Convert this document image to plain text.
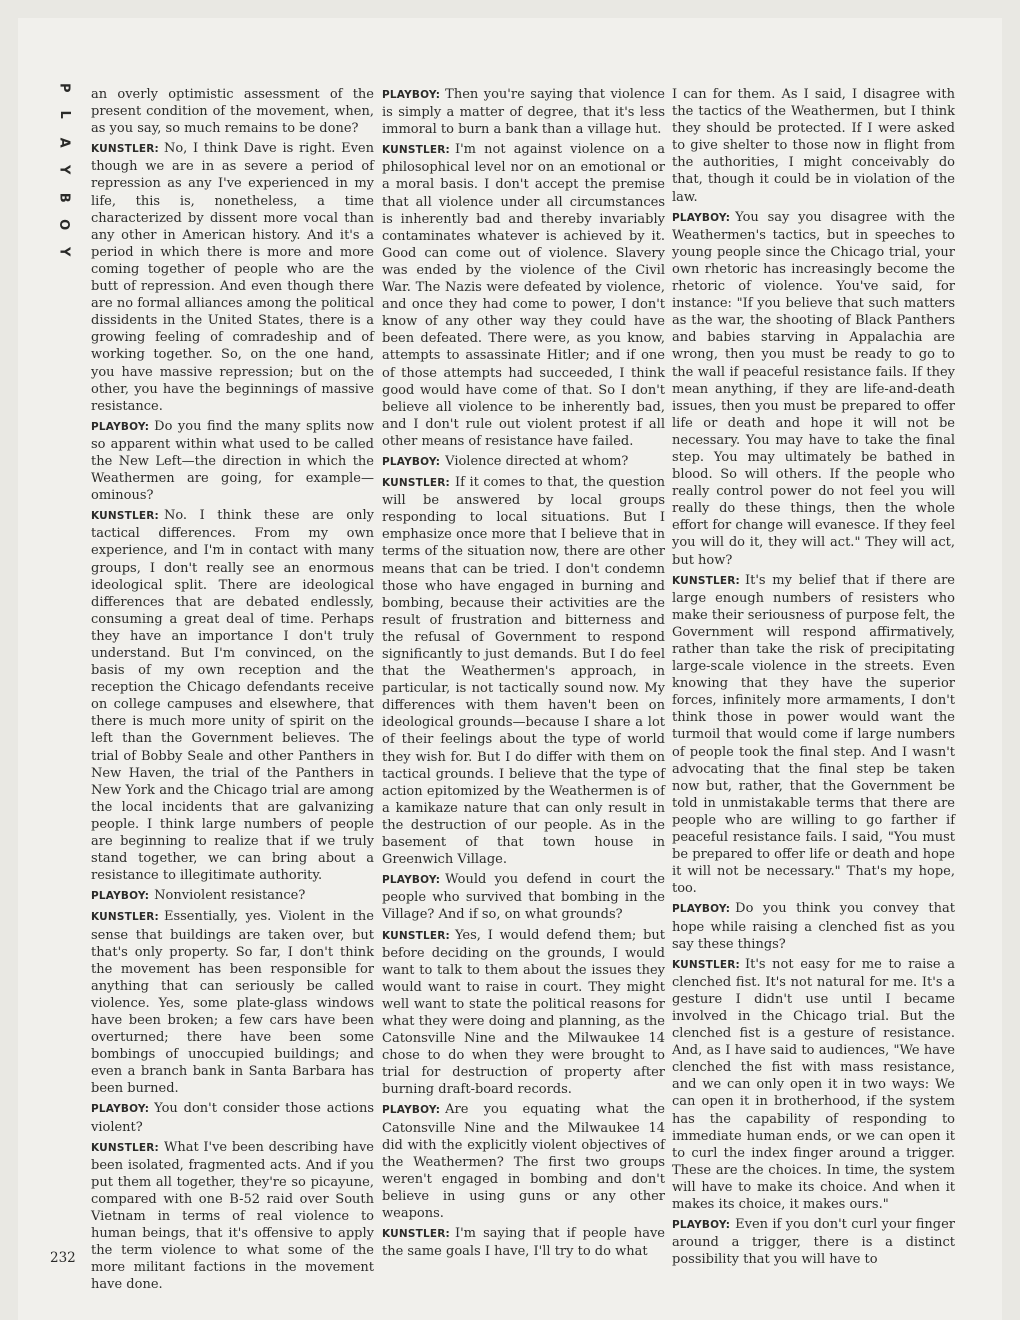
P
L
A
Y
B
O
Y

an overly optimistic assessment of the present condition of the movement, when, as you say, so much remains to be done?

KUNSTLER: No, I think Dave is right. Even though we are in as severe a period of repression as any I've experienced in my life, this is, nonetheless, a time characterized by dissent more vocal than any other in American history. And it's a period in which there is more and more coming together of people who are the butt of repression. And even though there are no formal alliances among the political dissidents in the United States, there is a growing feeling of comradeship and of working together. So, on the one hand, you have massive repression; but on the other, you have the beginnings of massive resistance.

PLAYBOY: Do you find the many splits now so apparent within what used to be called the New Left—the direction in which the Weathermen are going, for example—ominous?

KUNSTLER: No. I think these are only tactical differences. From my own experience, and I'm in contact with many groups, I don't really see an enormous ideological split. There are ideological differences that are debated endlessly, consuming a great deal of time. Perhaps they have an importance I don't truly understand. But I'm convinced, on the basis of my own reception and the reception the Chicago defendants receive on college campuses and elsewhere, that there is much more unity of spirit on the left than the Government believes. The trial of Bobby Seale and other Panthers in New Haven, the trial of the Panthers in New York and the Chicago trial are among the local incidents that are galvanizing people. I think large numbers of people are beginning to realize that if we truly stand together, we can bring about a resistance to illegitimate authority.

PLAYBOY: Nonviolent resistance?

KUNSTLER: Essentially, yes. Violent in the sense that buildings are taken over, but that's only property. So far, I don't think the movement has been responsible for anything that can seriously be called violence. Yes, some plate-glass windows have been broken; a few cars have been overturned; there have been some bombings of unoccupied buildings; and even a branch bank in Santa Barbara has been burned.

PLAYBOY: You don't consider those actions violent?

KUNSTLER: What I've been describing have been isolated, fragmented acts. And if you put them all together, they're so picayune, compared with one B-52 raid over South Vietnam in terms of real violence to human beings, that it's offensive to apply the term violence to what some of the more militant factions in the movement have done.

PLAYBOY: Then you're saying that violence is simply a matter of degree, that it's less immoral to burn a bank than a village hut.

KUNSTLER: I'm not against violence on a philosophical level nor on an emotional or a moral basis. I don't accept the premise that all violence under all circumstances is inherently bad and thereby invariably contaminates whatever is achieved by it. Good can come out of violence. Slavery was ended by the violence of the Civil War. The Nazis were defeated by violence, and once they had come to power, I don't know of any other way they could have been defeated. There were, as you know, attempts to assassinate Hitler; and if one of those attempts had succeeded, I think good would have come of that. So I don't believe all violence to be inherently bad, and I don't rule out violent protest if all other means of resistance have failed.

PLAYBOY: Violence directed at whom?

KUNSTLER: If it comes to that, the question will be answered by local groups responding to local situations. But I emphasize once more that I believe that in terms of the situation now, there are other means that can be tried. I don't condemn those who have engaged in burning and bombing, because their activities are the result of frustration and bitterness and the refusal of Government to respond significantly to just demands. But I do feel that the Weathermen's approach, in particular, is not tactically sound now. My differences with them haven't been on ideological grounds—because I share a lot of their feelings about the type of world they wish for. But I do differ with them on tactical grounds. I believe that the type of action epitomized by the Weathermen is of a kamikaze nature that can only result in the destruction of our people. As in the basement of that town house in Greenwich Village.

PLAYBOY: Would you defend in court the people who survived that bombing in the Village? And if so, on what grounds?

KUNSTLER: Yes, I would defend them; but before deciding on the grounds, I would want to talk to them about the issues they would want to raise in court. They might well want to state the political reasons for what they were doing and planning, as the Catonsville Nine and the Milwaukee 14 chose to do when they were brought to trial for destruction of property after burning draft-board records.

PLAYBOY: Are you equating what the Catonsville Nine and the Milwaukee 14 did with the explicitly violent objectives of the Weathermen? The first two groups weren't engaged in bombing and don't believe in using guns or any other weapons.

KUNSTLER: I'm saying that if people have the same goals I have, I'll try to do what

I can for them. As I said, I disagree with the tactics of the Weathermen, but I think they should be protected. If I were asked to give shelter to those now in flight from the authorities, I might conceivably do that, though it could be in violation of the law.

PLAYBOY: You say you disagree with the Weathermen's tactics, but in speeches to young people since the Chicago trial, your own rhetoric has increasingly become the rhetoric of violence. You've said, for instance: "If you believe that such matters as the war, the shooting of Black Panthers and babies starving in Appalachia are wrong, then you must be ready to go to the wall if peaceful resistance fails. If they mean anything, if they are life-and-death issues, then you must be prepared to offer life or death and hope it will not be necessary. You may have to take the final step. You may ultimately be bathed in blood. So will others. If the people who really control power do not feel you will really do these things, then the whole effort for change will evanesce. If they feel you will do it, they will act." They will act, but how?

KUNSTLER: It's my belief that if there are large enough numbers of resisters who make their seriousness of purpose felt, the Government will respond affirmatively, rather than take the risk of precipitating large-scale violence in the streets. Even knowing that they have the superior forces, infinitely more armaments, I don't think those in power would want the turmoil that would come if large numbers of people took the final step. And I wasn't advocating that the final step be taken now but, rather, that the Government be told in unmistakable terms that there are people who are willing to go farther if peaceful resistance fails. I said, "You must be prepared to offer life or death and hope it will not be necessary." That's my hope, too.

PLAYBOY: Do you think you convey that hope while raising a clenched fist as you say these things?

KUNSTLER: It's not easy for me to raise a clenched fist. It's not natural for me. It's a gesture I didn't use until I became involved in the Chicago trial. But the clenched fist is a gesture of resistance. And, as I have said to audiences, "We have clenched the fist with mass resistance, and we can only open it in two ways: We can open it in brotherhood, if the system has the capability of responding to immediate human ends, or we can open it to curl the index finger around a trigger. These are the choices. In time, the system will have to make its choice. And when it makes its choice, it makes ours."

PLAYBOY: Even if you don't curl your finger around a trigger, there is a distinct possibility that you will have to

232
